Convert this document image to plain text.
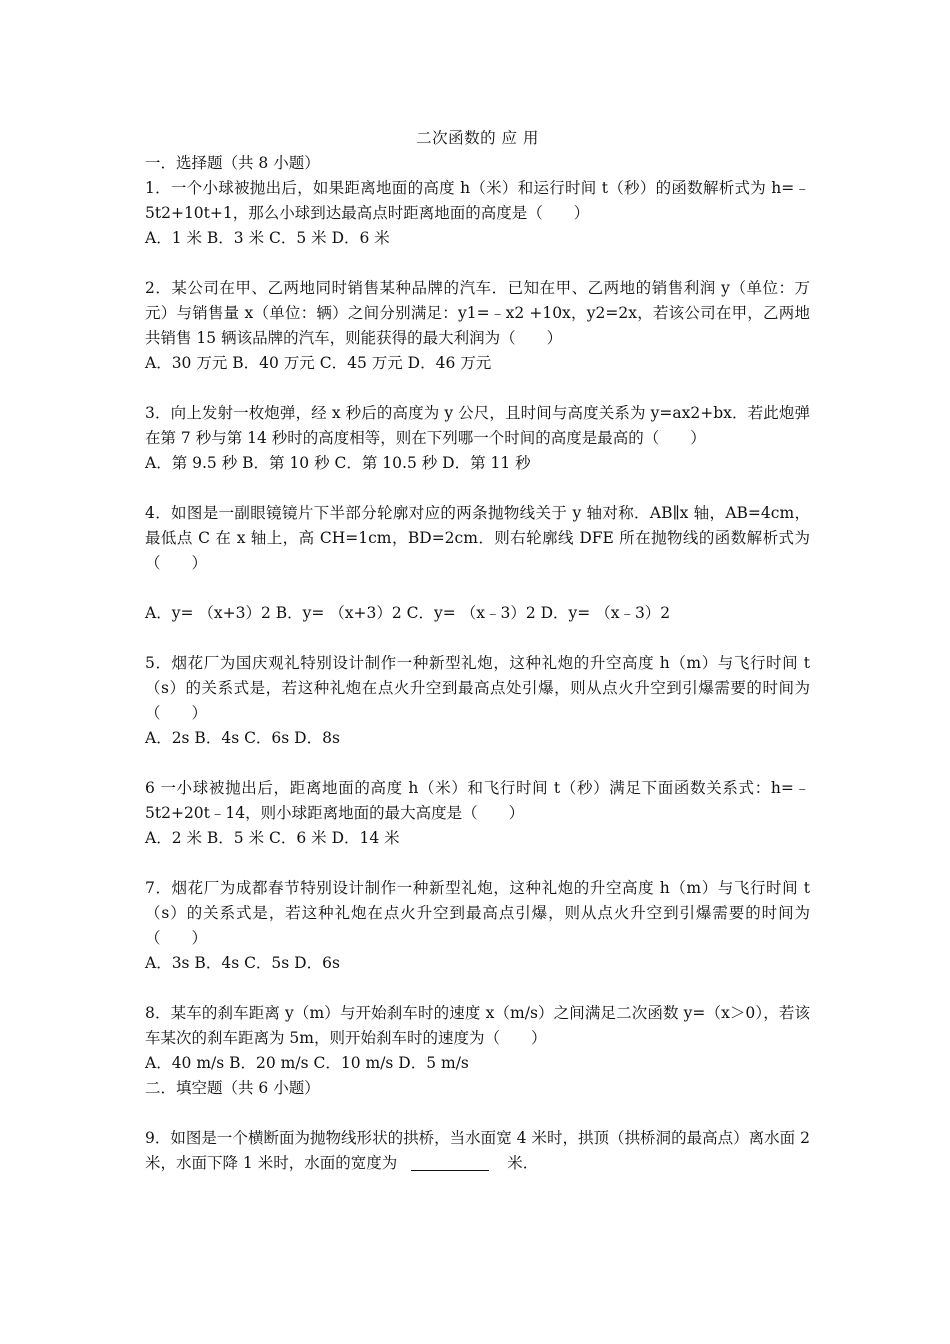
二次函数的 应 用

一．选择题（共 8 小题）

1．一个小球被抛出后，如果距离地面的高度 h（米）和运行时间 t（秒）的函数解析式为 h=﹣5t2+10t+1，那么小球到达最高点时距离地面的高度是（　　）

A．1 米 B．3 米 C．5 米 D．6 米

2．某公司在甲、乙两地同时销售某种品牌的汽车．已知在甲、乙两地的销售利润 y（单位：万元）与销售量 x（单位：辆）之间分别满足：y1=﹣x2 +10x，y2=2x，若该公司在甲，乙两地共销售 15 辆该品牌的汽车，则能获得的最大利润为（　　）

A．30 万元 B．40 万元 C．45 万元 D．46 万元

3．向上发射一枚炮弹，经 x 秒后的高度为 y 公尺，且时间与高度关系为 y=ax2+bx．若此炮弹在第 7 秒与第 14 秒时的高度相等，则在下列哪一个时间的高度是最高的（　　）

A．第 9.5 秒 B．第 10 秒 C．第 10.5 秒 D．第 11 秒

4．如图是一副眼镜镜片下半部分轮廓对应的两条抛物线关于 y 轴对称．AB∥x 轴，AB=4cm，最低点 C 在 x 轴上，高 CH=1cm，BD=2cm．则右轮廓线 DFE 所在抛物线的函数解析式为（　　）

A．y= （x+3）2 B．y= （x+3）2 C．y= （x﹣3）2 D．y= （x﹣3）2

5．烟花厂为国庆观礼特别设计制作一种新型礼炮，这种礼炮的升空高度 h（m）与飞行时间 t（s）的关系式是，若这种礼炮在点火升空到最高点处引爆，则从点火升空到引爆需要的时间为（　　）

A．2s B．4s C．6s D．8s

6 一小球被抛出后，距离地面的高度 h（米）和飞行时间 t（秒）满足下面函数关系式：h=﹣5t2+20t﹣14，则小球距离地面的最大高度是（　　）

A．2 米 B．5 米 C．6 米 D．14 米

7．烟花厂为成都春节特别设计制作一种新型礼炮，这种礼炮的升空高度 h（m）与飞行时间 t（s）的关系式是，若这种礼炮在点火升空到最高点引爆，则从点火升空到引爆需要的时间为（　　）

A．3s B．4s C．5s D．6s

8．某车的刹车距离 y（m）与开始刹车时的速度 x（m/s）之间满足二次函数 y=（x＞0），若该车某次的刹车距离为 5m，则开始刹车时的速度为（　　）

A．40 m/s B．20 m/s C．10 m/s D．5 m/s

二．填空题（共 6 小题）

9．如图是一个横断面为抛物线形状的拱桥，当水面宽 4 米时，拱顶（拱桥洞的最高点）离水面 2 米，水面下降 1 米时，水面的宽度为	米．
